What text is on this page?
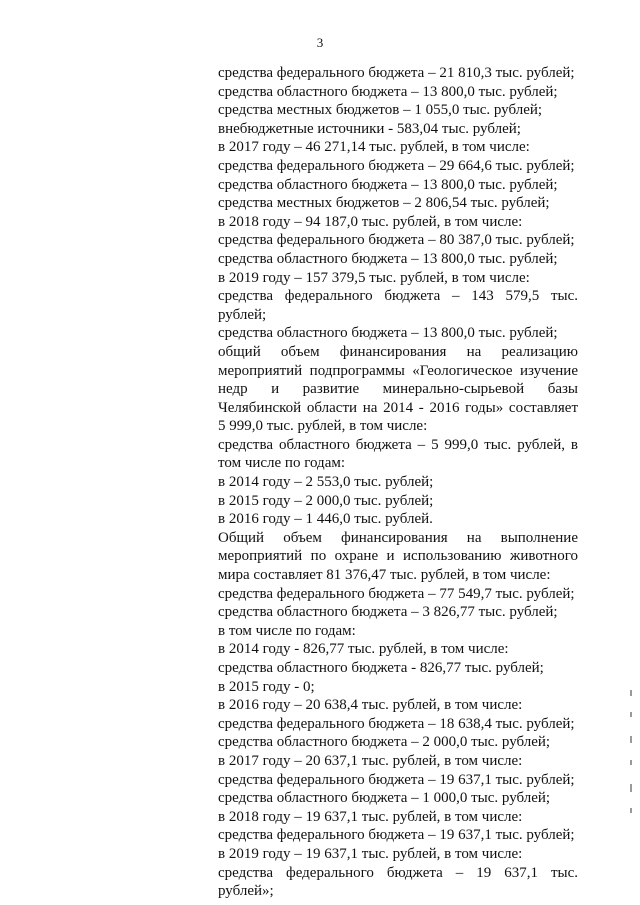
3
средства федерального бюджета – 21 810,3 тыс. рублей;
средства областного бюджета – 13 800,0 тыс. рублей;
средства местных бюджетов – 1 055,0 тыс. рублей;
внебюджетные источники - 583,04 тыс. рублей;
в 2017 году – 46 271,14 тыс. рублей, в том числе:
средства федерального бюджета – 29 664,6 тыс. рублей;
средства областного бюджета – 13 800,0 тыс. рублей;
средства местных бюджетов – 2 806,54 тыс. рублей;
в 2018 году – 94 187,0 тыс. рублей, в том числе:
средства федерального бюджета – 80 387,0 тыс. рублей;
средства областного бюджета – 13 800,0 тыс. рублей;
в 2019 году – 157 379,5 тыс. рублей, в том числе:
средства федерального бюджета – 143 579,5 тыс.
рублей;
средства областного бюджета – 13 800,0 тыс. рублей;
общий объем финансирования на реализацию
мероприятий подпрограммы «Геологическое изучение
недр и развитие минерально-сырьевой базы
Челябинской области на 2014 - 2016 годы» составляет
5 999,0 тыс. рублей, в том числе:
средства областного бюджета – 5 999,0 тыс. рублей, в
том числе по годам:
в 2014 году – 2 553,0 тыс. рублей;
в 2015 году – 2 000,0 тыс. рублей;
в 2016 году – 1 446,0 тыс. рублей.
Общий объем финансирования на выполнение
мероприятий по охране и использованию животного
мира составляет 81 376,47 тыс. рублей, в том числе:
средства федерального бюджета – 77 549,7 тыс. рублей;
средства областного бюджета – 3 826,77 тыс. рублей;
в том числе по годам:
в 2014 году - 826,77 тыс. рублей, в том числе:
средства областного бюджета - 826,77 тыс. рублей;
в 2015 году - 0;
в 2016 году – 20 638,4 тыс. рублей, в том числе:
средства федерального бюджета – 18 638,4 тыс. рублей;
средства областного бюджета – 2 000,0 тыс. рублей;
в 2017 году – 20 637,1 тыс. рублей, в том числе:
средства федерального бюджета – 19 637,1 тыс. рублей;
средства областного бюджета – 1 000,0 тыс. рублей;
в 2018 году – 19 637,1 тыс. рублей, в том числе:
средства федерального бюджета – 19 637,1 тыс. рублей;
в 2019 году – 19 637,1 тыс. рублей, в том числе:
средства федерального бюджета – 19 637,1 тыс.
рублей»;
